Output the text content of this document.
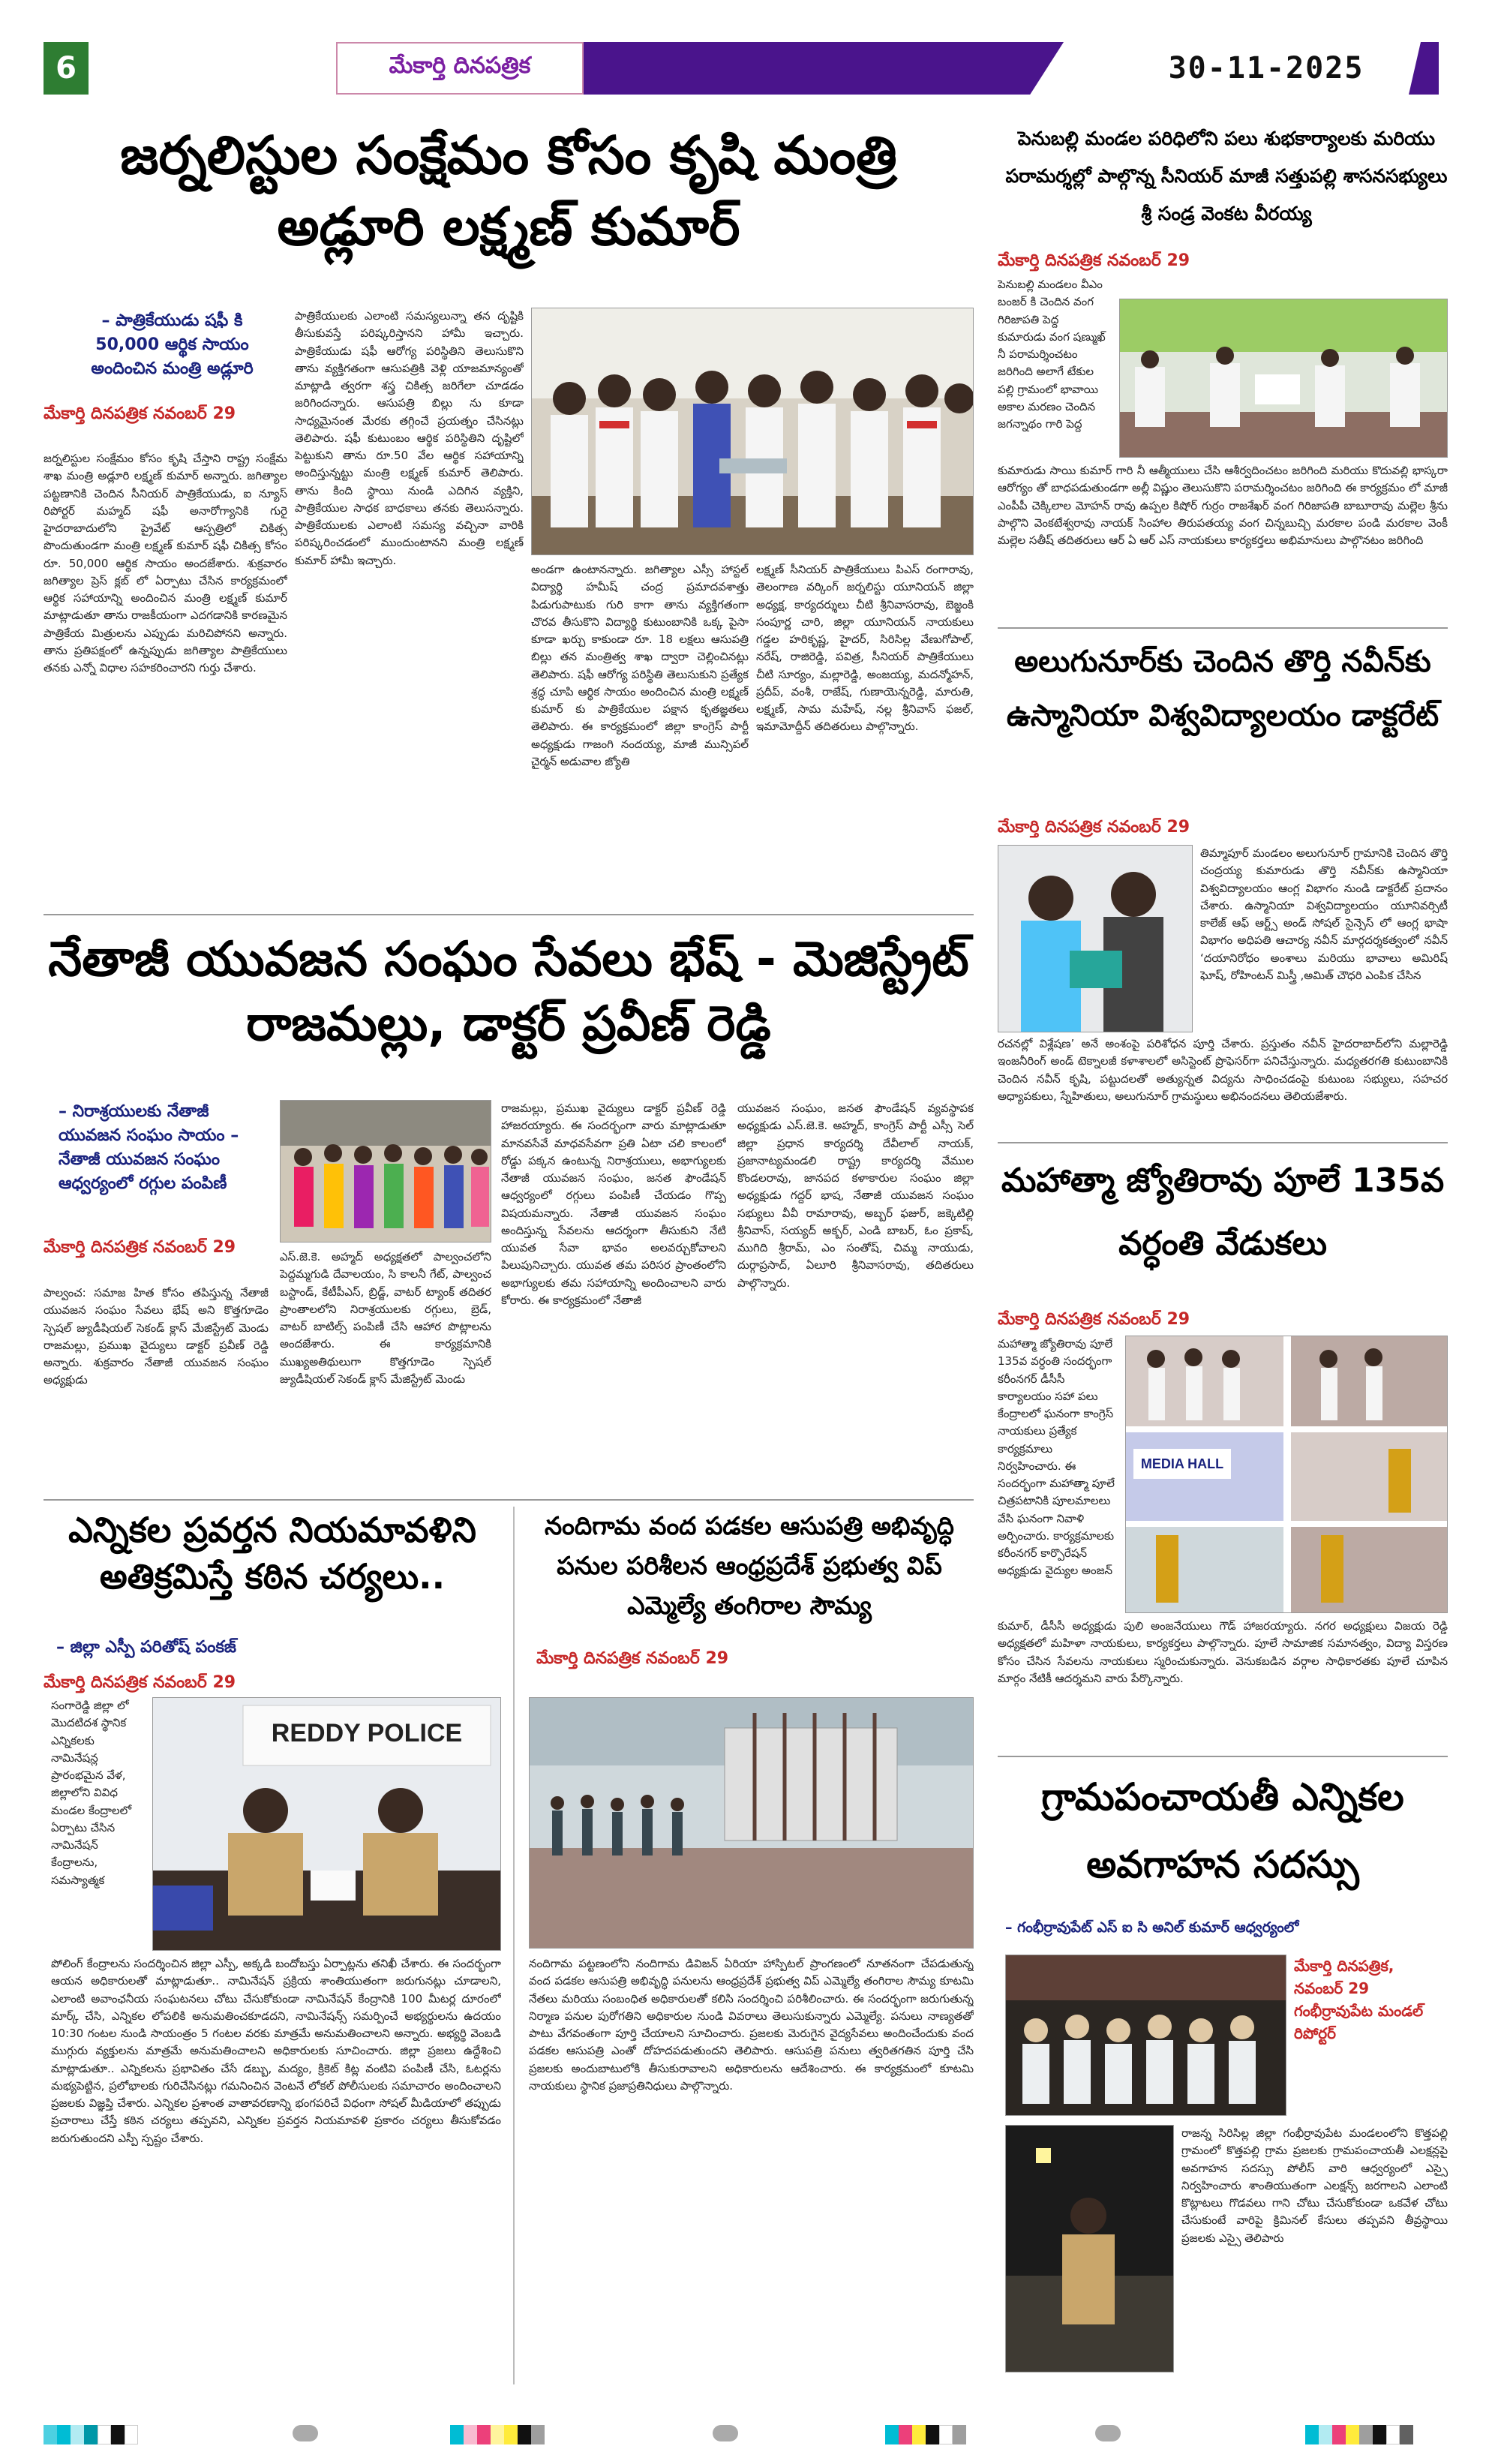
6	మేకార్తి దినపత్రిక	30-11-2025
జర్నలిస్టుల సంక్షేమం కోసం కృషి మంత్రి అడ్లూరి లక్ష్మణ్ కుమార్
– పాత్రికేయుడు షఫీ కి 50,000 ఆర్థిక సాయం అందించిన మంత్రి అడ్లూరి
మేకార్తి దినపత్రిక నవంబర్ 29
జర్నలిస్టుల సంక్షేమం కోసం కృషి చేస్తాని రాష్ట్ర సంక్షేమ శాఖ మంత్రి అడ్లూరి లక్ష్మణ్ కుమార్ అన్నారు. జగిత్యాల పట్టణానికి చెందిన సీనియర్ పాత్రికేయుడు, ఐ న్యూస్ రిపోర్టర్ మహ్మద్ షఫీ అనారోగ్యానికి గురై హైదరాబాదులోని ప్రైవేట్ ఆస్పత్రిలో చికిత్స పొందుతుండగా మంత్రి లక్ష్మణ్ కుమార్ షఫీ చికిత్స కోసం రూ. 50,000 ఆర్థిక సాయం అందజేశారు. శుక్రవారం జగిత్యాల ప్రెస్ క్లబ్ లో ఏర్పాటు చేసిన కార్యక్రమంలో ఆర్థిక సహాయాన్ని అందించిన మంత్రి లక్ష్మణ్ కుమార్ మాట్లాడుతూ తాను రాజకీయంగా ఎదగడానికి కారణమైన పాత్రికేయ మిత్రులను ఎప్పుడు మరిచిపోనని అన్నారు. తాను ప్రతిపక్షంలో ఉన్నప్పుడు జగిత్యాల పాత్రికేయులు తనకు ఎన్నో విధాల సహకరించారని గుర్తు చేశారు.
పాత్రికేయులకు ఎలాంటి సమస్యలున్నా తన దృష్టికి తీసుకువస్తే పరిష్కరిస్తానని హామీ ఇచ్చారు. పాత్రికేయుడు షఫీ ఆరోగ్య పరిస్థితిని తెలుసుకొని తాను వ్యక్తిగతంగా ఆసుపత్రికి వెళ్లి యాజమాన్యంతో మాట్లాడి త్వరగా శస్త్ర చికిత్స జరిగేలా చూడడం జరిగిందన్నారు. ఆసుపత్రి బిల్లు ను కూడా సాధ్యమైనంత మేరకు తగ్గించే ప్రయత్నం చేసినట్లు తెలిపారు. షఫీ కుటుంబం ఆర్థిక పరిస్థితిని దృష్టిలో పెట్టుకుని తాను రూ.50 వేల ఆర్థిక సహాయాన్ని అందిస్తున్నట్టు మంత్రి లక్ష్మణ్ కుమార్ తెలిపారు. తాను కింది స్థాయి నుండి ఎదిగిన వ్యక్తిని, పాత్రికేయుల సాధక బాధకాలు తనకు తెలుసన్నారు. పాత్రికేయులకు ఎలాంటి సమస్య వచ్చినా వారికి పరిష్కరించడంలో ముందుంటానని మంత్రి లక్ష్మణ్ కుమార్ హామీ ఇచ్చారు.
అండగా ఉంటానన్నారు. జగిత్యాల ఎస్సీ హాస్టల్ విద్యార్థి హమీష్ చంద్ర ప్రమాదవశాత్తు పిడుగుపాటుకు గురి కాగా తాను వ్యక్తిగతంగా చొరవ తీసుకొని విద్యార్థి కుటుంబానికి ఒక్క పైసా కూడా ఖర్చు కాకుండా రూ. 18 లక్షలు ఆసుపత్రి బిల్లు తన మంత్రిత్వ శాఖ ద్వారా చెల్లించినట్లు తెలిపారు. షఫీ ఆరోగ్య పరిస్థితి తెలుసుకుని ప్రత్యేక శ్రద్ధ చూపి ఆర్థిక సాయం అందించిన మంత్రి లక్ష్మణ్ కుమార్ కు పాత్రికేయుల పక్షాన కృతజ్ఞతలు తెలిపారు. ఈ కార్యక్రమంలో జిల్లా కాంగ్రెస్ పార్టీ అధ్యక్షుడు గాజంగి నందయ్య, మాజీ మున్సిపల్ చైర్మన్ అడువాల జ్యోతి
లక్ష్మణ్ సీనియర్ పాత్రికేయులు పిఎస్ రంగారావు, తెలంగాణ వర్కింగ్ జర్నలిస్టు యూనియన్ జిల్లా అధ్యక్ష, కార్యదర్శులు చీటి శ్రీనివాసరావు, బెజ్జంకి సంపూర్ణ చారి, జిల్లా యూనియన్ నాయకులు గడ్డల హరికృష్ణ, హైదర్, సిరిసిల్ల వేణుగోపాల్, నరేష్, రాజిరెడ్డి, పవిత్ర, సీనియర్ పాత్రికేయులు చీటి సూర్యం, మల్లారెడ్డి, అంజయ్య, మదన్మోహన్, ప్రదీప్, వంశీ, రాజేష్, గుణాయెన్నరెడ్డి, మారుతి, లక్ష్మణ్, సామ మహేష్, నల్ల శ్రీనివాస్ ఫజల్, ఇమామోద్దీన్ తదితరులు పాల్గొన్నారు.
నేతాజీ యువజన సంఘం సేవలు భేష్ - మెజిస్ట్రేట్ రాజమల్లు, డాక్టర్ ప్రవీణ్ రెడ్డి
– నిరాశ్రయులకు నేతాజీ యువజన సంఘం సాయం – నేతాజీ యువజన సంఘం ఆధ్వర్యంలో రగ్గుల పంపిణీ
మేకార్తి దినపత్రిక నవంబర్ 29
పాల్వంచ: సమాజ హిత కోసం తపిస్తున్న నేతాజీ యువజన సంఘం సేవలు భేష్ అని కొత్తగూడెం స్పెషల్ జ్యుడీషియల్ సెకండ్ క్లాస్ మేజిస్ట్రేట్ మెండు రాజమల్లు, ప్రముఖ వైద్యులు డాక్టర్ ప్రవీణ్ రెడ్డి అన్నారు. శుక్రవారం నేతాజీ యువజన సంఘం అధ్యక్షుడు
ఎస్.జె.కె. అహ్మద్ అధ్యక్షతలో పాల్వంచలోని పెద్దమ్మగుడి దేవాలయం, సి కాలనీ గేట్, పాల్వంచ బస్టాండ్, కేటీపీఎస్, బ్రిడ్జ్, వాటర్ ట్యాంక్ తదితర ప్రాంతాలలోని నిరాశ్రయులకు రగ్గులు, బ్రెడ్, వాటర్ బాటిల్స్ పంపిణీ చేసి ఆహార పొట్లాలను అందజేశారు. ఈ కార్యక్రమానికి ముఖ్యఅతిథులుగా కొత్తగూడెం స్పెషల్ జ్యుడీషియల్ సెకండ్ క్లాస్ మేజిస్ట్రేట్ మెండు
రాజమల్లు, ప్రముఖ వైద్యులు డాక్టర్ ప్రవీణ్ రెడ్డి హాజరయ్యారు. ఈ సందర్భంగా వారు మాట్లాడుతూ మానవసేవే మాధవసేవగా ప్రతి ఏటా చలి కాలంలో రోడ్డు పక్కన ఉంటున్న నిరాశ్రయులు, అభాగ్యులకు నేతాజీ యువజన సంఘం, జనత ఫౌండేషన్ ఆధ్వర్యంలో రగ్గులు పంపిణీ చేయడం గొప్ప విషయమన్నారు. నేతాజీ యువజన సంఘం అందిస్తున్న సేవలను ఆదర్శంగా తీసుకుని నేటి యువత సేవా భావం అలవర్చుకోవాలని పిలుపునిచ్చారు. యువత తమ పరిసర ప్రాంతంలోని అభాగ్యులకు తమ సహాయాన్ని అందించాలని వారు కోరారు. ఈ కార్యక్రమంలో నేతాజీ
యువజన సంఘం, జనత ఫౌండేషన్ వ్యవస్థాపక అధ్యక్షుడు ఎస్.జె.కె. అహ్మద్, కాంగ్రెస్ పార్టీ ఎస్సీ సెల్ జిల్లా ప్రధాన కార్యదర్శి దేవీలాల్ నాయక్, ప్రజానాట్యమండలి రాష్ట్ర కార్యదర్శి వేముల కొండలరావు, జానపద కళాకారుల సంఘం జిల్లా అధ్యక్షుడు గద్దర్ భాష, నేతాజీ యువజన సంఘం సభ్యులు వీవీ రామారావు, అబ్బర్ ఫజుర్, జక్కెటిల్లి శ్రీనివాస్, సయ్యద్ అక్బర్, ఎండి బాబర్, ఓం ప్రకాష్, ముగిది శ్రీరామ్, ఎం సంతోష్, చిమ్మ నాయుడు, దుర్గాప్రసాద్, ఏలూరి శ్రీనివాసరావు, తదితరులు పాల్గొన్నారు.
ఎన్నికల ప్రవర్తన నియమావళిని అతిక్రమిస్తే కఠిన చర్యలు..
– జిల్లా ఎస్పీ పరితోష్ పంకజ్
మేకార్తి దినపత్రిక నవంబర్ 29
సంగారెడ్డి జిల్లా లో మొదటిదశ స్థానిక ఎన్నికలకు నామినేషన్ల ప్రారంభమైన వేళ, జిల్లాలోని వివిధ మండల కేంద్రాలలో ఏర్పాటు చేసిన నామినేషన్ కేంద్రాలను, సమస్యాత్మక
REDDY POLICE
పోలింగ్ కేంద్రాలను సందర్శించిన జిల్లా ఎస్పీ, అక్కడి బందోబస్తు ఏర్పాట్లను తనిఖీ చేశారు. ఈ సందర్భంగా ఆయన అధికారులతో మాట్లాడుతూ.. నామినేషన్ ప్రక్రియ శాంతియుతంగా జరుగునట్లు చూడాలని, ఎలాంటి అవాంఛనీయ సంఘటనలు చోటు చేసుకోకుండా నామినేషన్ కేంద్రానికి 100 మీటర్ల దూరంలో మార్క్ చేసి, ఎన్నికల లోపలికి అనుమతించకూడదని, నామినేషన్స్ సమర్పించే అభ్యర్థులను ఉదయం 10:30 గంటల నుండి సాయంత్రం 5 గంటల వరకు మాత్రమే అనుమతించాలని అన్నారు. అభ్యర్థి వెంబడి ముగ్గురు వ్యక్తులను మాత్రమే అనుమతించాలని అధికారులకు సూచించారు. జిల్లా ప్రజలు ఉద్దేశించి మాట్లాడుతూ.. ఎన్నికలను ప్రభావితం చేసే డబ్బు, మద్యం, క్రికెట్ కిట్ల వంటివి పంపిణీ చేసి, ఓటర్లను మభ్యపెట్టిన, ప్రలోభాలకు గురిచేసినట్లు గమనించిన వెంటనే లోకల్ పోలీసులకు సమాచారం అందించాలని ప్రజలకు విజ్ఞప్తి చేశారు. ఎన్నికల ప్రశాంత వాతావరణాన్ని భంగపరిచే విధంగా సోషల్ మీడియాలో తప్పుడు ప్రచారాలు చేస్తే కఠిన చర్యలు తప్పవని, ఎన్నికల ప్రవర్తన నియమావళి ప్రకారం చర్యలు తీసుకోవడం జరుగుతుందని ఎస్పీ స్పష్టం చేశారు.
నందిగామ వంద పడకల ఆసుపత్రి అభివృద్ధి పనుల పరిశీలన ఆంధ్రప్రదేశ్ ప్రభుత్వ విప్ ఎమ్మెల్యే తంగిరాల సౌమ్య
మేకార్తి దినపత్రిక నవంబర్ 29
నందిగామ పట్టణంలోని నందిగామ డివిజన్ ఏరియా హాస్పిటల్ ప్రాంగణంలో నూతనంగా చేపడుతున్న వంద పడకల ఆసుపత్రి అభివృద్ధి పనులను ఆంధ్రప్రదేశ్ ప్రభుత్వ విప్ ఎమ్మెల్యే తంగిరాల సౌమ్య కూటమి నేతలు మరియు సంబంధిత అధికారులతో కలిసి సందర్శించి పరిశీలించారు. ఈ సందర్భంగా జరుగుతున్న నిర్మాణ పనుల పురోగతిని అధికారుల నుండి వివరాలు తెలుసుకున్నారు ఎమ్మెల్యే. పనులు నాణ్యతతో పాటు వేగవంతంగా పూర్తి చేయాలని సూచించారు. ప్రజలకు మెరుగైన వైద్యసేవలు అందించేందుకు వంద పడకల ఆసుపత్రి ఎంతో దోహదపడుతుందని తెలిపారు. ఆసుపత్రి పనులు త్వరితగతిన పూర్తి చేసి ప్రజలకు అందుబాటులోకి తీసుకురావాలని అధికారులను ఆదేశించారు. ఈ కార్యక్రమంలో కూటమి నాయకులు స్థానిక ప్రజాప్రతినిధులు పాల్గొన్నారు.
పెనుబల్లి మండల పరిధిలోని పలు శుభకార్యాలకు మరియు పరామర్శల్లో పాల్గొన్న సీనియర్ మాజీ సత్తుపల్లి శాసనసభ్యులు శ్రీ సండ్ర వెంకట వీరయ్య
మేకార్తి దినపత్రిక నవంబర్ 29
పెనుబల్లి మండలం వీఎం బంజర్ కి చెందిన వంగ గిరిజాపతి పెద్ద కుమారుడు వంగ షణ్ముఖ్ నీ పరామర్శించటం జరిగింది అలాగే టేకుల పల్లి గ్రామంలో భావాయి అకాల మరణం చెందిన జగన్నాథం గారి పెద్ద
కుమారుడు సాయి కుమార్ గారి నీ ఆత్మీయులు చేసి ఆశీర్వదించటం జరిగింది మరియు కొదువల్లి భాస్కరా ఆరోగ్యం తో బాధపడుతుండగా అల్లీ విష్ణుం తెలుసుకొని పరామర్శించటం జరిగింది ఈ కార్యక్రమం లో మాజీ ఎంపీపీ చెక్కిలాల మోహన్ రావు ఉప్పల కిషోర్ గుర్రం రాజశేఖర్ వంగ గిరిజాపతి బాబూరావు మల్లెల శ్రీను పాల్గొని వెంకటేశ్వరావు నాయక్ సింహాల తిరుపతయ్య వంగ చిన్నబుచ్చి మరకాల పండి మరకాల వెంకీ మల్లెల సతీష్ తదితరులు ఆర్ ఏ ఆర్ ఎస్ నాయకులు కార్యకర్తలు అభిమానులు పాల్గొనటం జరిగింది
అలుగునూర్‌కు చెందిన తొర్తి నవీన్‌కు ఉస్మానియా విశ్వవిద్యాలయం డాక్టరేట్
మేకార్తి దినపత్రిక నవంబర్ 29
తిమ్మాపూర్ మండలం అలుగునూర్ గ్రామానికి చెందిన తొర్తి చంద్రయ్య కుమారుడు తొర్తి నవీన్‌కు ఉస్మానియా విశ్వవిద్యాలయం ఆంగ్ల విభాగం నుండి డాక్టరేట్ ప్రదానం చేశారు. ఉస్మానియా విశ్వవిద్యాలయం యూనివర్సిటీ కాలేజ్ ఆఫ్ ఆర్ట్స్ అండ్ సోషల్ సైన్సెస్ లో ఆంగ్ల భాషా విభాగం అధిపతి ఆచార్య నవీన్ మార్గదర్శకత్వంలో నవీన్ ‘దయానిరోధం అంశాలు మరియు భావాలు అమిరిష్ ఘోష్, రోహింటన్ మిస్త్రీ ,అమిత్ చౌధరి ఎంపిక చేసిన
రచనల్లో విశ్లేషణ’ అనే అంశంపై పరిశోధన పూర్తి చేశారు. ప్రస్తుతం నవీన్ హైదరాబాద్‌లోని మల్లారెడ్డి ఇంజనీరింగ్ అండ్ టెక్నాలజీ కళాశాలలో అసిస్టెంట్ ప్రొఫెసర్‌గా పనిచేస్తున్నారు. మధ్యతరగతి కుటుంబానికి చెందిన నవీన్ కృషి, పట్టుదలతో అత్యున్నత విద్యను సాధించడంపై కుటుంబ సభ్యులు, సహచర అధ్యాపకులు, స్నేహితులు, అలుగునూర్ గ్రామస్థులు అభినందనలు తెలియజేశారు.
మహాత్మా జ్యోతిరావు పూలే 135వ వర్ధంతి వేడుకలు
మేకార్తి దినపత్రిక నవంబర్ 29
మహాత్మా జ్యోతిరావు పూలే 135వ వర్ధంతి సందర్భంగా కరీంనగర్ డీసీసీ కార్యాలయం సహా పలు కేంద్రాలలో ఘనంగా కాంగ్రెస్ నాయకులు ప్రత్యేక కార్యక్రమాలు నిర్వహించారు. ఈ సందర్భంగా మహాత్మా పూలే చిత్రపటానికి పూలమాలలు వేసి ఘనంగా నివాళి అర్పించారు. కార్యక్రమాలకు కరీంనగర్ కార్పొరేషన్ అధ్యక్షుడు వైద్యుల అంజన్
MEDIA HALL
కుమార్, డీసీసీ అధ్యక్షుడు పులి అంజనేయులు గౌడ్ హాజరయ్యారు. నగర అధ్యక్షులు విజయ రెడ్డి అధ్యక్షతలో మహిళా నాయకులు, కార్యకర్తలు పాల్గొన్నారు. పూలే సామాజిక సమానత్వం, విద్యా విస్తరణ కోసం చేసిన సేవలను నాయకులు స్మరించుకున్నారు. వెనుకబడిన వర్గాల సాధికారతకు పూలే చూపిన మార్గం నేటికీ ఆదర్శమని వారు పేర్కొన్నారు.
గ్రామపంచాయతీ ఎన్నికల అవగాహన సదస్సు
– గంభీర్రావుపేట్ ఎస్ ఐ సి అనిల్ కుమార్ ఆధ్వర్యంలో
మేకార్తి దినపత్రిక, నవంబర్ 29 గంభీర్రావుపేట మండల్ రిపోర్టర్
రాజన్న సిరిసిల్ల జిల్లా గంభీర్రావుపేట మండలంలోని కొత్తపల్లి గ్రామంలో కొత్తపల్లి గ్రామ ప్రజలకు గ్రామపంచాయతీ ఎలక్షన్లపై అవగాహన సదస్సు పోలీస్ వారి ఆధ్వర్యంలో ఎస్సై నిర్వహించారు శాంతియుతంగా ఎలక్షన్స్ జరగాలని ఎలాంటి కొట్లాటలు గొడవలు గాని చోటు చేసుకోకుండా ఒకవేళ చోటు చేసుకుంటే వారిపై క్రిమినల్ కేసులు తప్పవని తీవ్రస్థాయి ప్రజలకు ఎస్సై తెలిపారు
